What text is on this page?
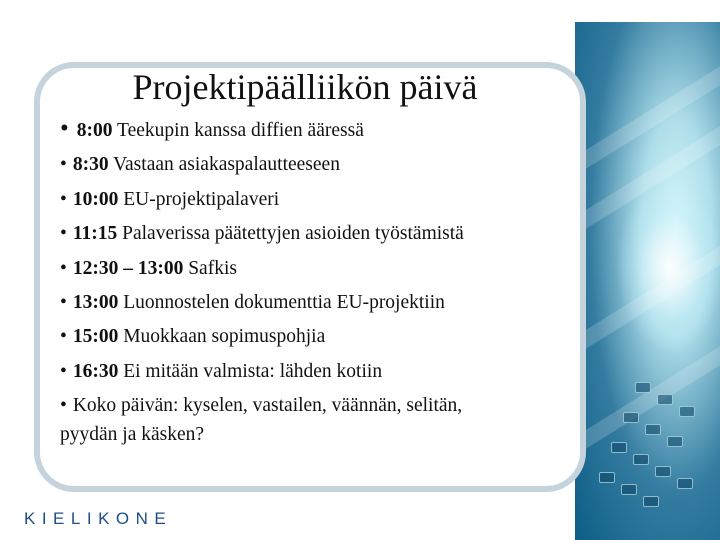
Projektipäälliikön päivä
• 8:00 Teekupin kanssa diffien ääressä
• 8:30 Vastaan asiakaspalautteeseen
• 10:00 EU-projektipalaveri
• 11:15 Palaverissa päätettyjen asioiden työstämistä
• 12:30 – 13:00 Safkis
• 13:00 Luonnostelen dokumenttia EU-projektiin
• 15:00 Muokkaan sopimuspohjia
• 16:30 Ei mitään valmista: lähden kotiin
• Koko päivän: kyselen, vastailen, väännän, selitän,
pyydän ja käsken?
KIELIKONE
